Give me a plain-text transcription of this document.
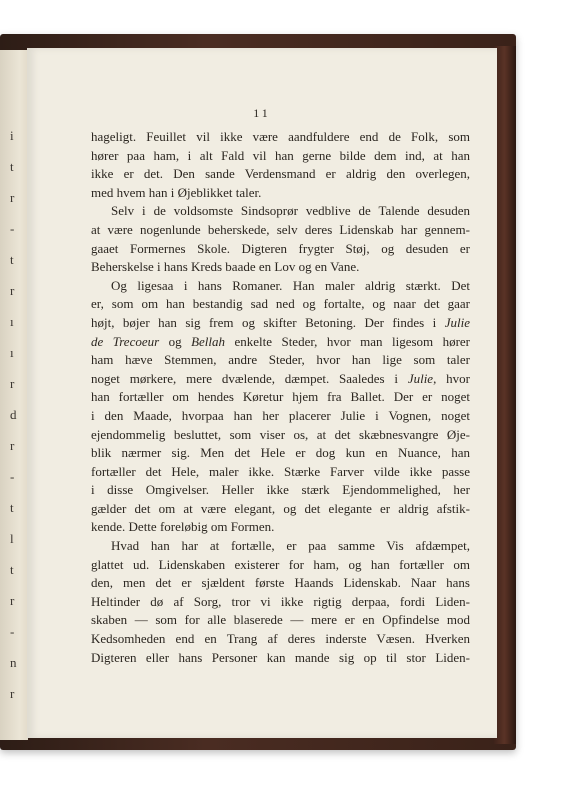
i
t
r
-
t
r
ı
ı
r
d
r
-
t
l
t
r
-
n
r
11
hageligt. Feuillet vil ikke være aandfuldere end de Folk, som
hører paa ham, i alt Fald vil han gerne bilde dem ind, at han
ikke er det. Den sande Verdensmand er aldrig den overlegen,
med hvem han i Øjeblikket taler.
Selv i de voldsomste Sindsoprør vedblive de Talende desuden
at være nogenlunde beherskede, selv deres Lidenskab har gennem-
gaaet Formernes Skole. Digteren frygter Støj, og desuden er
Beherskelse i hans Kreds baade en Lov og en Vane.
Og ligesaa i hans Romaner. Han maler aldrig stærkt. Det
er, som om han bestandig sad ned og fortalte, og naar det gaar
højt, bøjer han sig frem og skifter Betoning. Der findes i Julie
de Trecoeur og Bellah enkelte Steder, hvor man ligesom hører
ham hæve Stemmen, andre Steder, hvor han lige som taler
noget mørkere, mere dvælende, dæmpet. Saaledes i Julie, hvor
han fortæller om hendes Køretur hjem fra Ballet. Der er noget
i den Maade, hvorpaa han her placerer Julie i Vognen, noget
ejendommelig besluttet, som viser os, at det skæbnesvangre Øje-
blik nærmer sig. Men det Hele er dog kun en Nuance, han
fortæller det Hele, maler ikke. Stærke Farver vilde ikke passe
i disse Omgivelser. Heller ikke stærk Ejendommelighed, her
gælder det om at være elegant, og det elegante er aldrig afstik-
kende. Dette foreløbig om Formen.
Hvad han har at fortælle, er paa samme Vis afdæmpet,
glattet ud. Lidenskaben existerer for ham, og han fortæller om
den, men det er sjældent første Haands Lidenskab. Naar hans
Heltinder dø af Sorg, tror vi ikke rigtig derpaa, fordi Liden-
skaben — som for alle blaserede — mere er en Opfindelse mod
Kedsomheden end en Trang af deres inderste Væsen. Hverken
Digteren eller hans Personer kan mande sig op til stor Liden-
